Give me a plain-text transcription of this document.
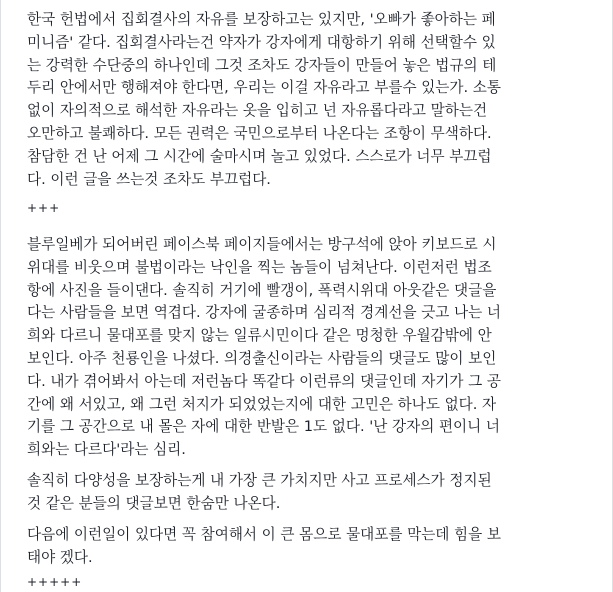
한국 헌법에서 집회결사의 자유를 보장하고는 있지만, '오빠가 좋아하는 페
미니즘' 같다. 집회결사라는건 약자가 강자에게 대항하기 위해 선택할수 있
는 강력한 수단중의 하나인데 그것 조차도 강자들이 만들어 놓은 법규의 테
두리 안에서만 행해져야 한다면, 우리는 이걸 자유라고 부를수 있는가. 소통
없이 자의적으로 해석한 자유라는 옷을 입히고 넌 자유롭다라고 말하는건
오만하고 불쾌하다. 모든 권력은 국민으로부터 나온다는 조항이 무색하다.
참담한 건 난 어제 그 시간에 술마시며 놀고 있었다. 스스로가 너무 부끄럽
다. 이런 글을 쓰는것 조차도 부끄럽다.

+++

블루일베가 되어버린 페이스북 페이지들에서는 방구석에 앉아 키보드로 시
위대를 비웃으며 불법이라는 낙인을 찍는 놈들이 넘쳐난다. 이런저런 법조
항에 사진을 들이댄다. 솔직히 거기에 빨갱이, 폭력시위대 아웃같은 댓글을
다는 사람들을 보면 역겹다. 강자에 굴종하며 심리적 경계선을 긋고 나는 너
희와 다르니 물대포를 맞지 않는 일류시민이다 같은 멍청한 우월감밖에 안
보인다. 아주 천룡인을 나셨다. 의경출신이라는 사람들의 댓글도 많이 보인
다. 내가 겪어봐서 아는데 저런놈다 똑같다 이런류의 댓글인데 자기가 그 공
간에 왜 서있고, 왜 그런 처지가 되었었는지에 대한 고민은 하나도 없다. 자
기를 그 공간으로 내 몰은 자에 대한 반발은 1도 없다. '난 강자의 편이니 너
희와는 다르다'라는 심리.

솔직히 다양성을 보장하는게 내 가장 큰 가치지만 사고 프로세스가 정지된
것 같은 분들의 댓글보면 한숨만 나온다.

다음에 이런일이 있다면 꼭 참여해서 이 큰 몸으로 물대포를 막는데 힘을 보
태야 겠다.

+++++
